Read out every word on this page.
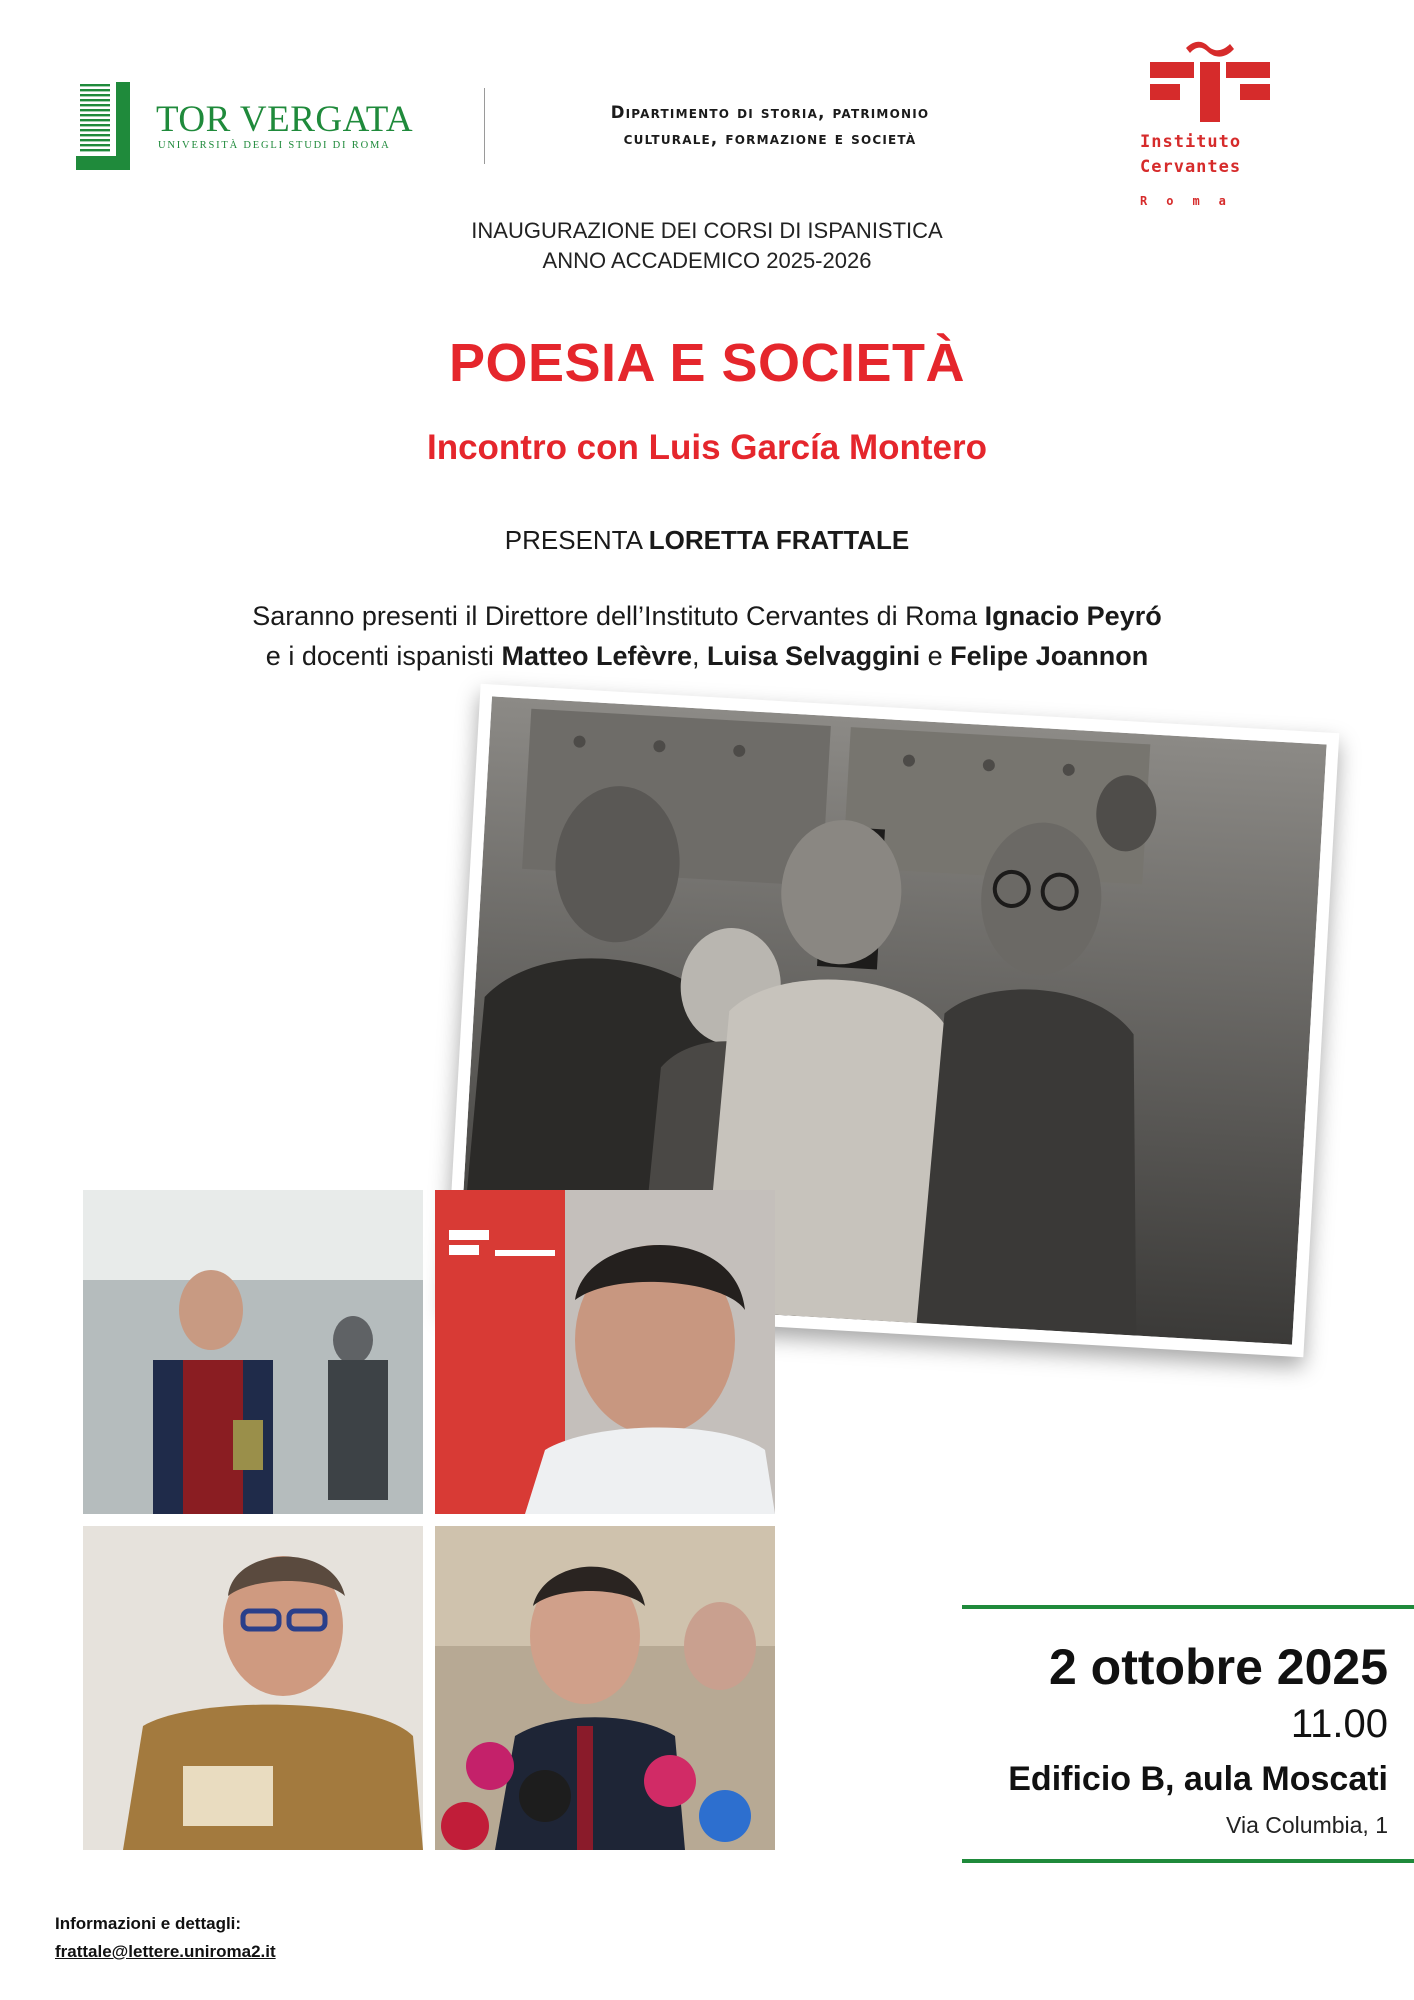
TOR VERGATA
UNIVERSITÀ DEGLI STUDI DI ROMA
Dipartimento di storia, patrimonio
culturale, formazione e società	Instituto
Cervantes
Roma
INAUGURAZIONE DEI CORSI DI ISPANISTICA
ANNO ACCADEMICO 2025-2026
POESIA E SOCIETÀ
Incontro con Luis García Montero
PRESENTA LORETTA FRATTALE
Saranno presenti il Direttore dell’Instituto Cervantes di Roma Ignacio Peyró
e i docenti ispanisti Matteo Lefèvre, Luisa Selvaggini e Felipe Joannon
2 ottobre 2025
11.00
Edificio B, aula Moscati
Via Columbia, 1
Informazioni e dettagli:
frattale@lettere.uniroma2.it
